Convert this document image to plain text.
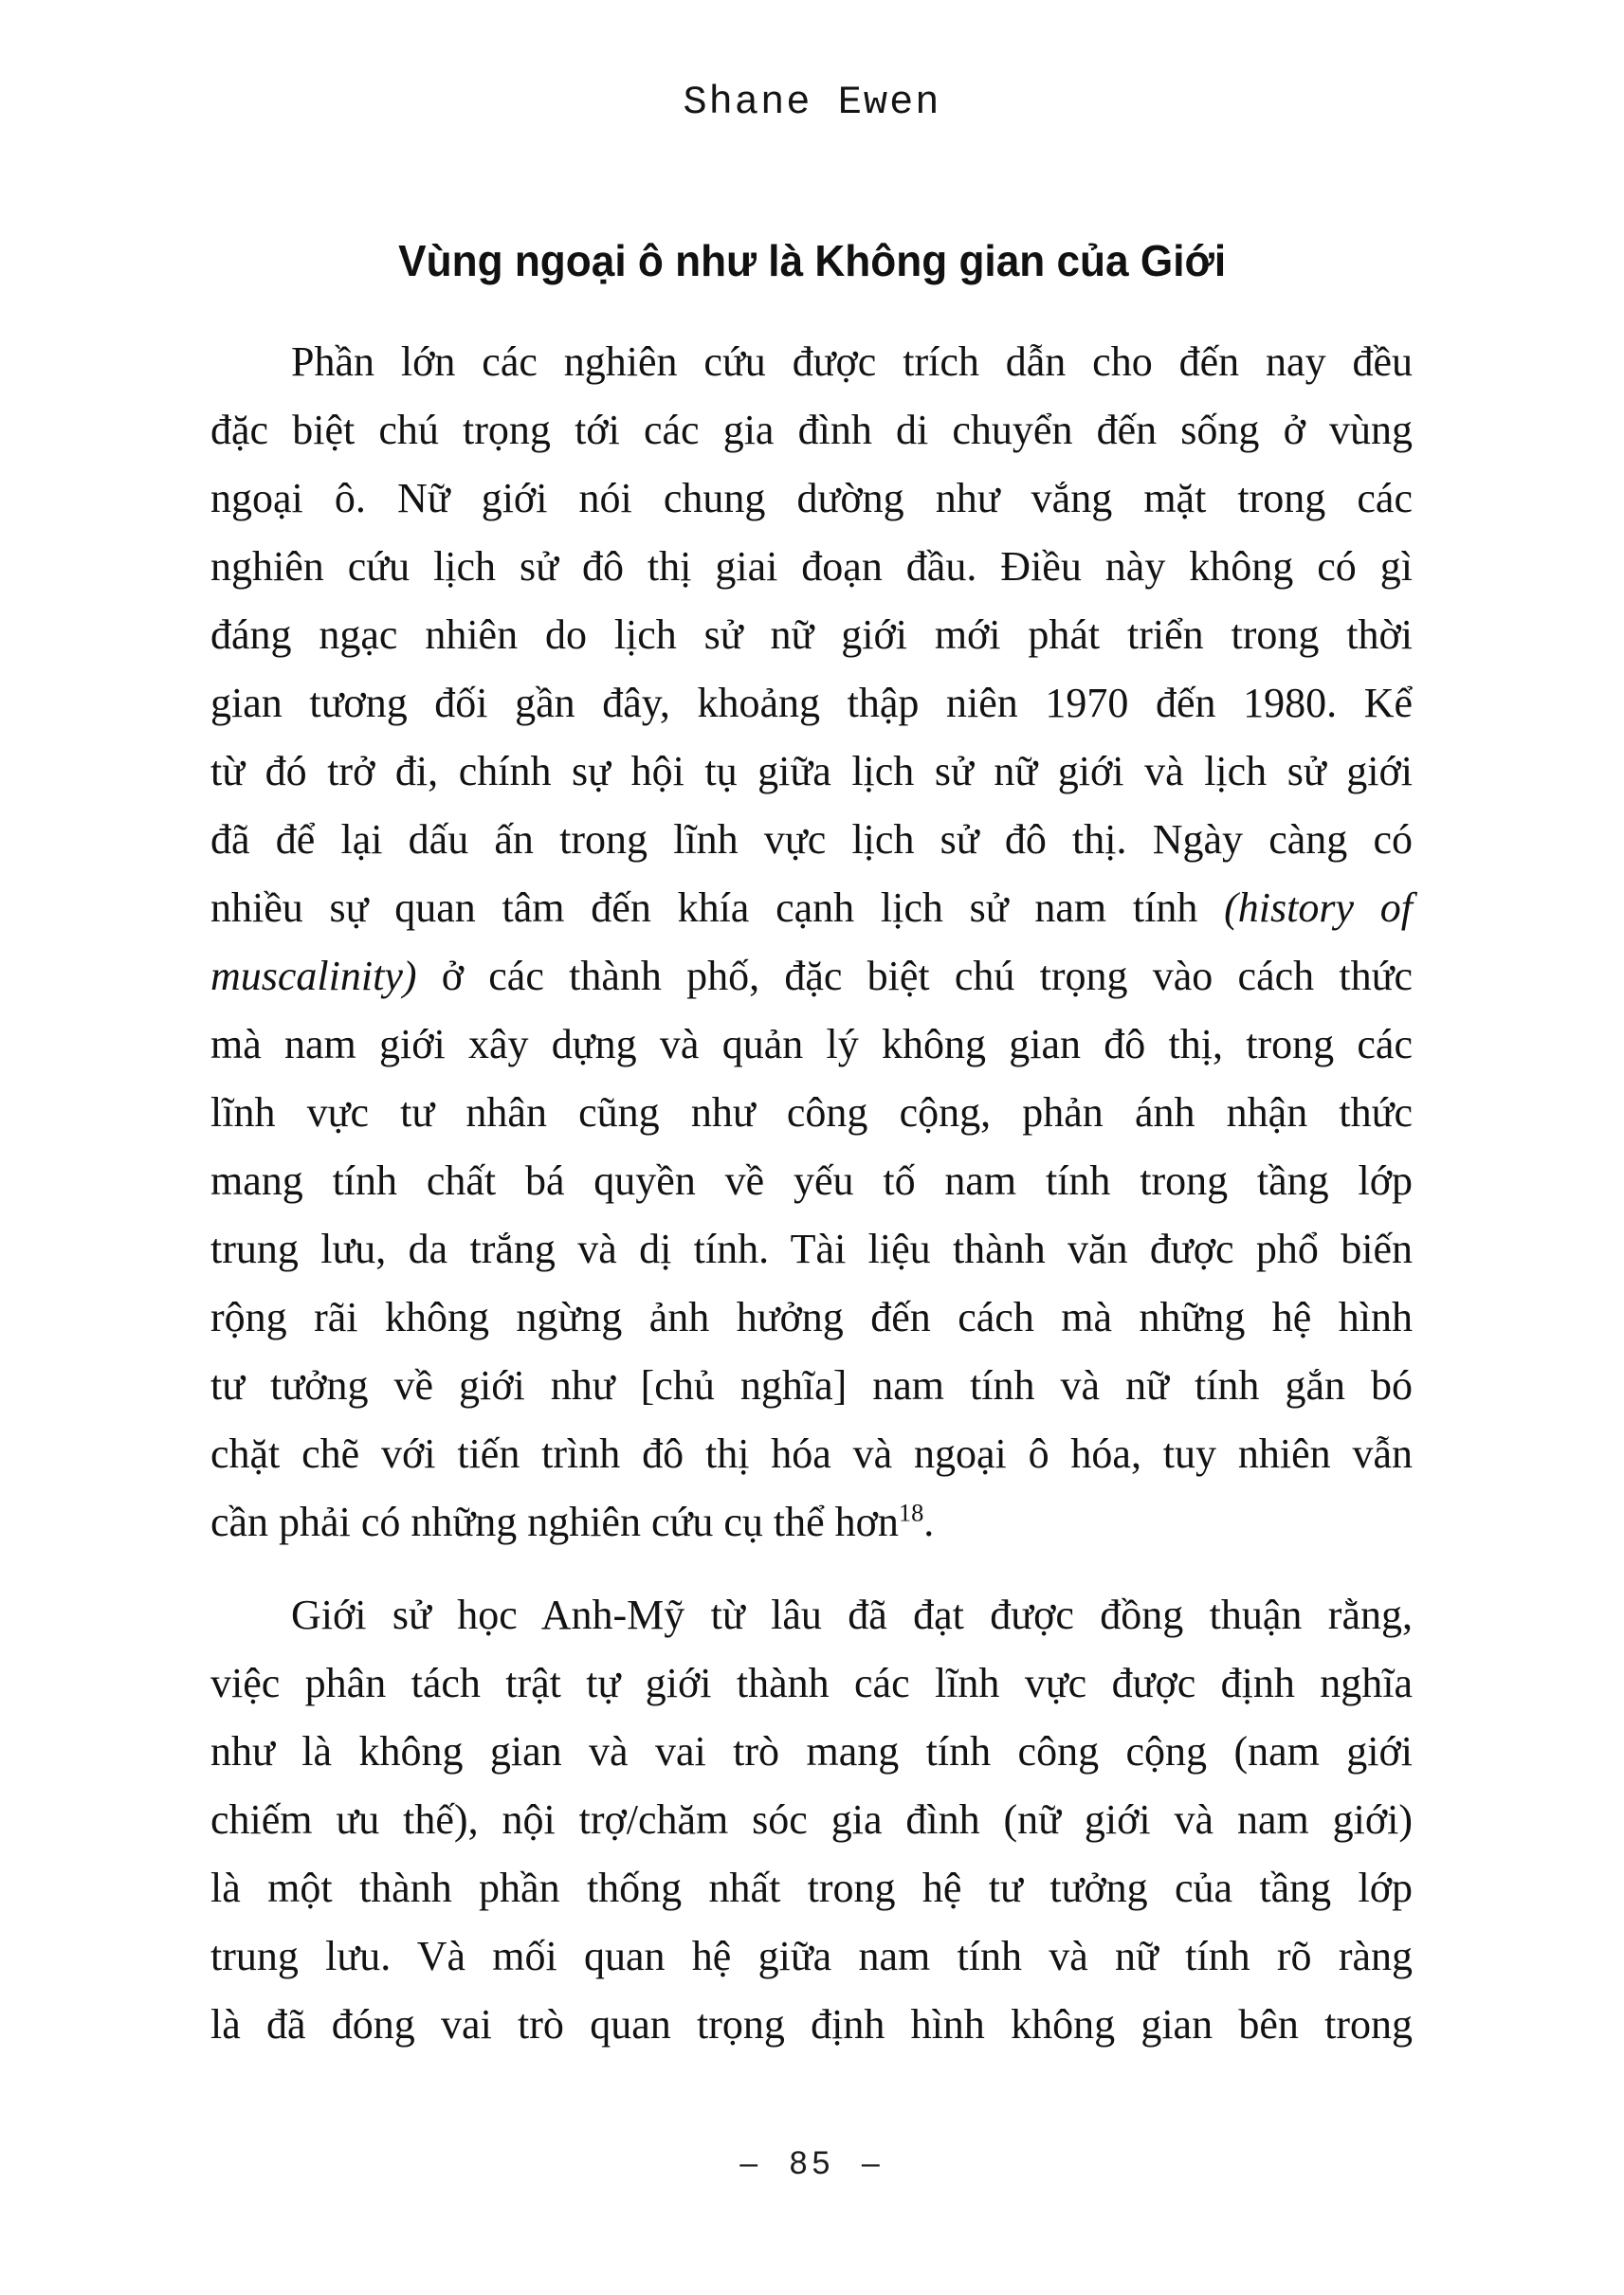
Shane Ewen
Vùng ngoại ô như là Không gian của Giới
Phần lớn các nghiên cứu được trích dẫn cho đến nay đều
đặc biệt chú trọng tới các gia đình di chuyển đến sống ở vùng
ngoại ô. Nữ giới nói chung dường như vắng mặt trong các
nghiên cứu lịch sử đô thị giai đoạn đầu. Điều này không có gì
đáng ngạc nhiên do lịch sử nữ giới mới phát triển trong thời
gian tương đối gần đây, khoảng thập niên 1970 đến 1980. Kể
từ đó trở đi, chính sự hội tụ giữa lịch sử nữ giới và lịch sử giới
đã để lại dấu ấn trong lĩnh vực lịch sử đô thị. Ngày càng có
nhiều sự quan tâm đến khía cạnh lịch sử nam tính (history of
muscalinity) ở các thành phố, đặc biệt chú trọng vào cách thức
mà nam giới xây dựng và quản lý không gian đô thị, trong các
lĩnh vực tư nhân cũng như công cộng, phản ánh nhận thức
mang tính chất bá quyền về yếu tố nam tính trong tầng lớp
trung lưu, da trắng và dị tính. Tài liệu thành văn được phổ biến
rộng rãi không ngừng ảnh hưởng đến cách mà những hệ hình
tư tưởng về giới như [chủ nghĩa] nam tính và nữ tính gắn bó
chặt chẽ với tiến trình đô thị hóa và ngoại ô hóa, tuy nhiên vẫn
cần phải có những nghiên cứu cụ thể hơn$^{18}$.
Giới sử học Anh-Mỹ từ lâu đã đạt được đồng thuận rằng,
việc phân tách trật tự giới thành các lĩnh vực được định nghĩa
như là không gian và vai trò mang tính công cộng (nam giới
chiếm ưu thế), nội trợ/chăm sóc gia đình (nữ giới và nam giới)
là một thành phần thống nhất trong hệ tư tưởng của tầng lớp
trung lưu. Và mối quan hệ giữa nam tính và nữ tính rõ ràng
là đã đóng vai trò quan trọng định hình không gian bên trong
– 85 –
